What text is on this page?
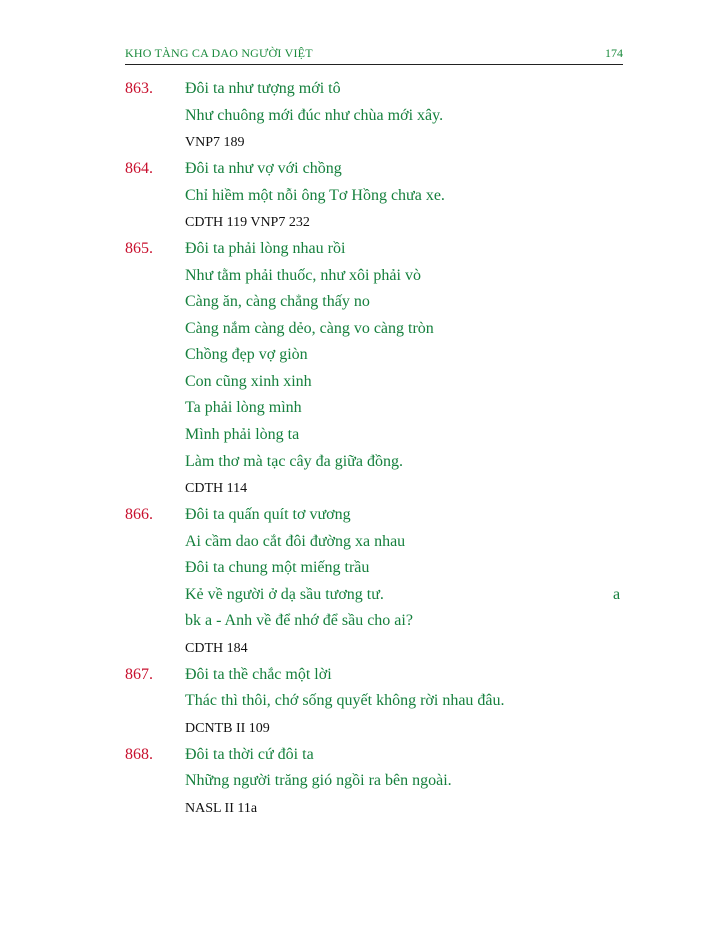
KHO TÀNG CA DAO NGƯỜI VIỆT	174
863. Đôi ta như tượng mới tô
Như chuông mới đúc như chùa mới xây.
VNP7 189
864. Đôi ta như vợ với chồng
Chỉ hiềm một nỗi ông Tơ Hồng chưa xe.
CDTH 119 VNP7 232
865. Đôi ta phải lòng nhau rồi
Như tằm phải thuốc, như xôi phải vò
Càng ăn, càng chẳng thấy no
Càng nắm càng dẻo, càng vo càng tròn
Chồng đẹp vợ giòn
Con cũng xinh xinh
Ta phải lòng mình
Mình phải lòng ta
Làm thơ mà tạc cây đa giữa đồng.
CDTH 114
866. Đôi ta quấn quít tơ vương
Ai cầm dao cắt đôi đường xa nhau
Đôi ta chung một miếng trầu
Kẻ về người ở dạ sầu tương tư.	a
bk a - Anh về để nhớ để sầu cho ai?
CDTH 184
867. Đôi ta thề chắc một lời
Thác thì thôi, chớ sống quyết không rời nhau đâu.
DCNTB II 109
868. Đôi ta thời cứ đôi ta
Những người trăng gió ngồi ra bên ngoài.
NASL II 11a
